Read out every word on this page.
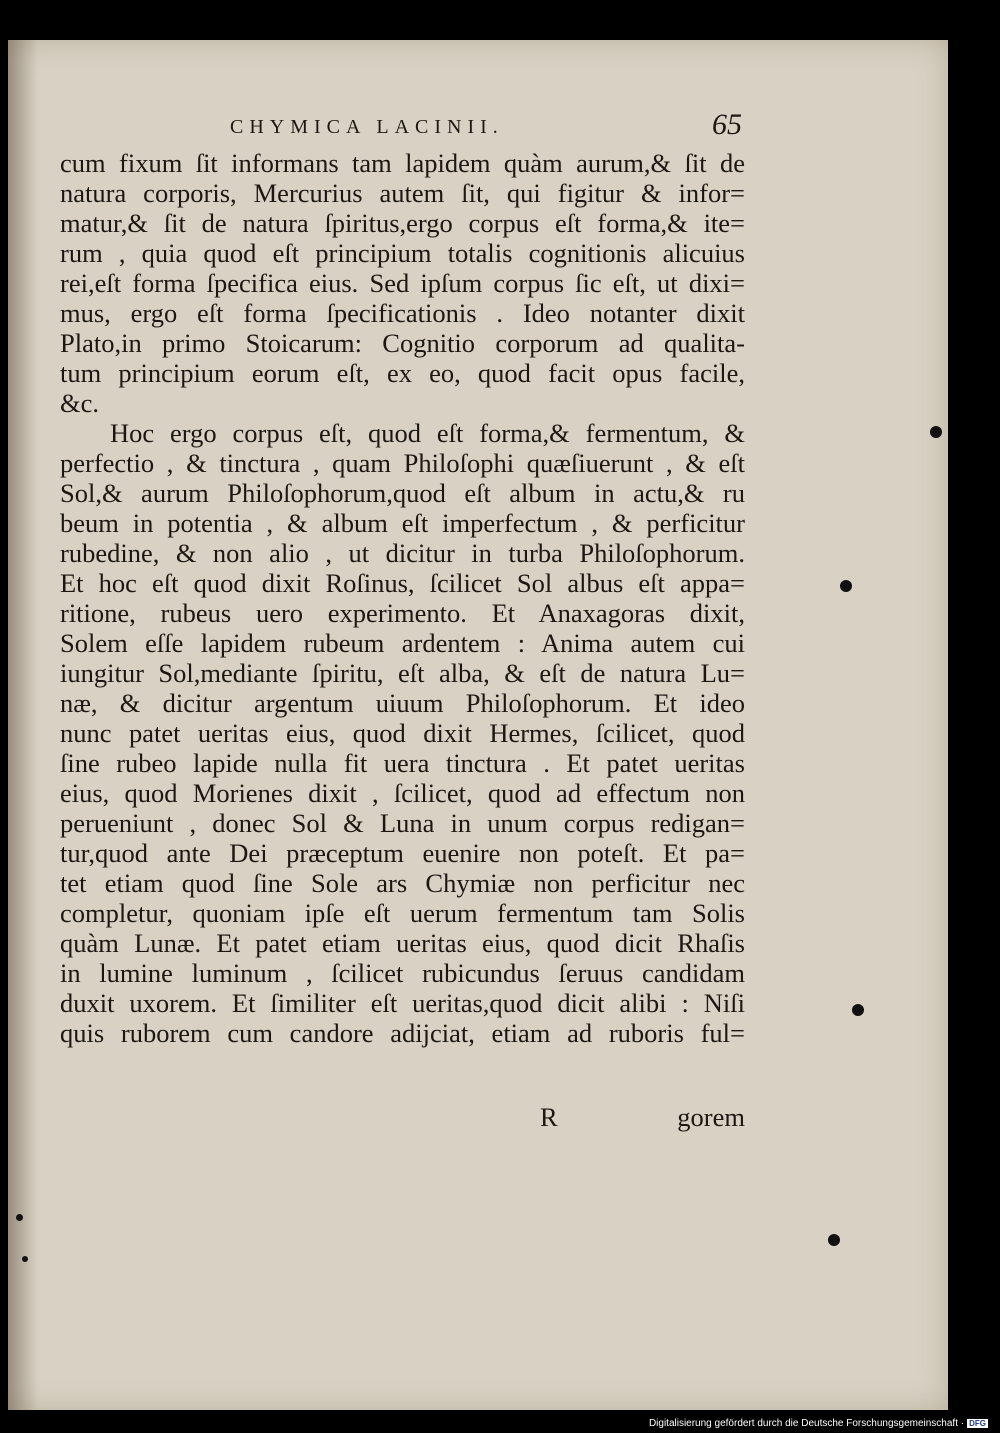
CHYMICA LACINII.	65
cum fixum ſit informans tam lapidem quàm aurum,& ſit de
natura corporis, Mercurius autem ſit, qui figitur & infor=
matur,& ſit de natura ſpiritus,ergo corpus eſt forma,& ite=
rum , quia quod eſt principium totalis cognitionis alicuius
rei,eſt forma ſpecifica eius. Sed ipſum corpus ſic eſt, ut dixi=
mus, ergo eſt forma ſpecificationis . Ideo notanter dixit
Plato,in primo Stoicarum: Cognitio corporum ad qualita-
tum principium eorum eſt, ex eo, quod facit opus facile,
&c.
Hoc ergo corpus eſt, quod eſt forma,& fermentum, &
perfectio , & tinctura , quam Philoſophi quæſiuerunt , & eſt
Sol,& aurum Philoſophorum,quod eſt album in actu,& ru
beum in potentia , & album eſt imperfectum , & perficitur
rubedine, & non alio , ut dicitur in turba Philoſophorum.
Et hoc eſt quod dixit Roſinus, ſcilicet Sol albus eſt appa=
ritione, rubeus uero experimento. Et Anaxagoras dixit,
Solem eſſe lapidem rubeum ardentem : Anima autem cui
iungitur Sol,mediante ſpiritu, eſt alba, & eſt de natura Lu=
næ, & dicitur argentum uiuum Philoſophorum. Et ideo
nunc patet ueritas eius, quod dixit Hermes, ſcilicet, quod
ſine rubeo lapide nulla fit uera tinctura . Et patet ueritas
eius, quod Morienes dixit , ſcilicet, quod ad effectum non
perueniunt , donec Sol & Luna in unum corpus redigan=
tur,quod ante Dei præceptum euenire non poteſt. Et pa=
tet etiam quod ſine Sole ars Chymiæ non perficitur nec
completur, quoniam ipſe eſt uerum fermentum tam Solis
quàm Lunæ. Et patet etiam ueritas eius, quod dicit Rhaſis
in lumine luminum , ſcilicet rubicundus ſeruus candidam
duxit uxorem. Et ſimiliter eſt ueritas,quod dicit alibi : Niſi
quis ruborem cum candore adijciat, etiam ad ruboris ful=
R	gorem
Digitalisierung gefördert durch die Deutsche Forschungsgemeinschaft · DFG
